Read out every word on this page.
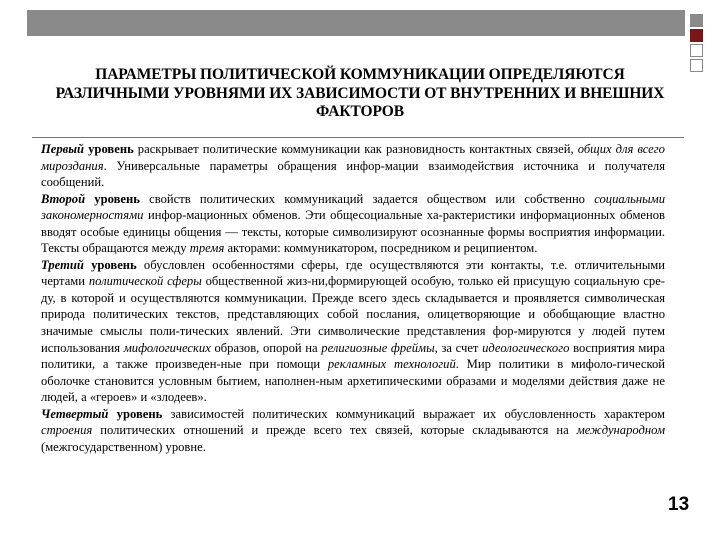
ПАРАМЕТРЫ ПОЛИТИЧЕСКОЙ КОММУНИКАЦИИ ОПРЕДЕЛЯЮТСЯ РАЗЛИЧНЫМИ УРОВНЯМИ ИХ ЗАВИСИМОСТИ ОТ ВНУТРЕННИХ И ВНЕШНИХ ФАКТОРОВ

Первый уровень раскрывает политические коммуникации как разновидность контактных связей, общих для всего мироздания. Универсальные параметры обращения инфор-мации взаимодействия источника и получателя сообщений.

Второй уровень свойств политических коммуникаций задается обществом или собственно социальными закономерностями инфор-мационных обменов. Эти общесоциальные ха-рактеристики информационных обменов вводят особые единицы общения — тексты, которые символизируют осознанные формы восприятия информации. Тексты обращаются между тремя акторами: коммуникатором, посредником и реципиентом.

Третий уровень обусловлен особенностями сферы, где осуществляются эти контакты, т.е. отличительными чертами политической сферы общественной жиз-ни,формирующей особую, только ей присущую социальную сре-ду, в которой и осуществляются коммуникации. Прежде всего здесь складывается и проявляется символическая природа политических текстов, представляющих собой послания, олицетворяющие и обобщающие властно значимые смыслы поли-тических явлений. Эти символические представления фор-мируются у людей путем использования мифологических образов, опорой на религиозные фреймы, за счет идеологического восприятия мира политики, а также произведен-ные при помощи рекламных технологий. Мир политики в мифоло-гической оболочке становится условным бытием, наполнен-ным архетипическими образами и моделями действия даже не людей, а «героев» и «злодеев».

Четвертый уровень зависимостей политических коммуникаций выражает их обусловленность характером строения политических отношений и прежде всего тех связей, которые складываются на международном (межгосударственном) уровне.

13
